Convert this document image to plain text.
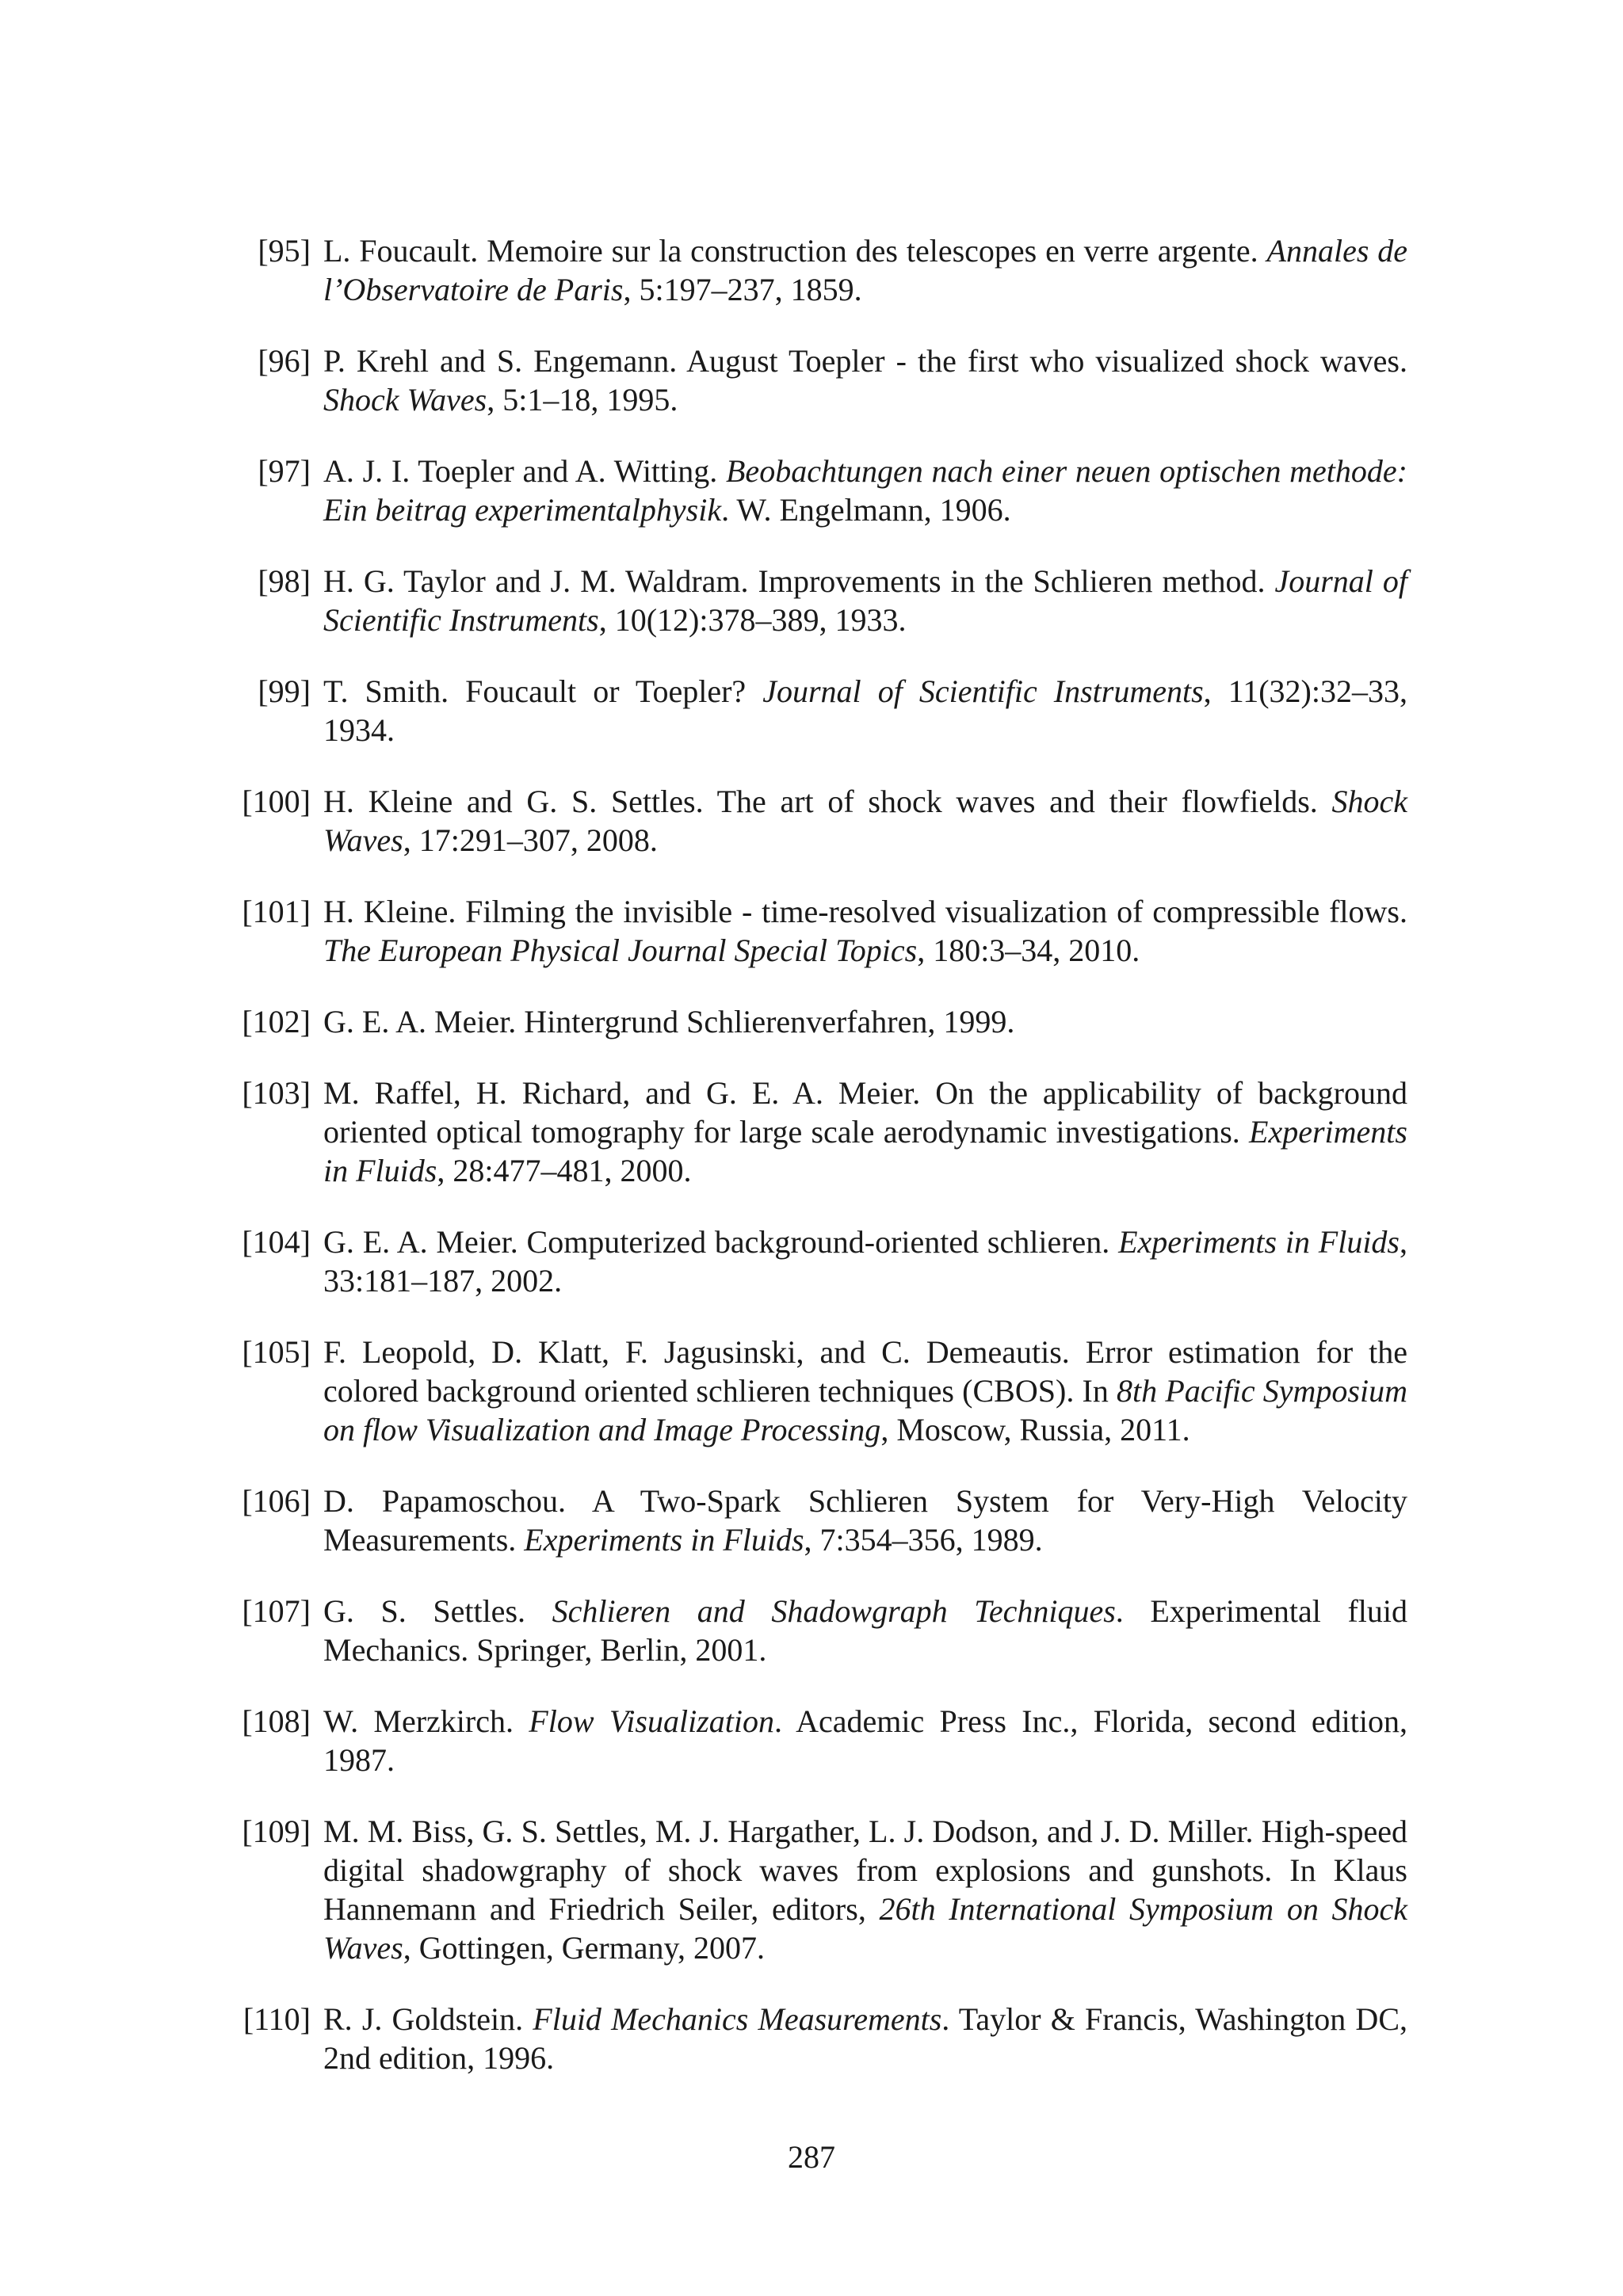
[95] L. Foucault. Memoire sur la construction des telescopes en verre argente. Annales de l’Observatoire de Paris, 5:197–237, 1859.
[96] P. Krehl and S. Engemann. August Toepler - the first who visualized shock waves. Shock Waves, 5:1–18, 1995.
[97] A. J. I. Toepler and A. Witting. Beobachtungen nach einer neuen optischen methode: Ein beitrag experimentalphysik. W. Engelmann, 1906.
[98] H. G. Taylor and J. M. Waldram. Improvements in the Schlieren method. Journal of Scientific Instruments, 10(12):378–389, 1933.
[99] T. Smith. Foucault or Toepler? Journal of Scientific Instruments, 11(32):32–33, 1934.
[100] H. Kleine and G. S. Settles. The art of shock waves and their flowfields. Shock Waves, 17:291–307, 2008.
[101] H. Kleine. Filming the invisible - time-resolved visualization of compressible flows. The European Physical Journal Special Topics, 180:3–34, 2010.
[102] G. E. A. Meier. Hintergrund Schlierenverfahren, 1999.
[103] M. Raffel, H. Richard, and G. E. A. Meier. On the applicability of background oriented optical tomography for large scale aerodynamic investigations. Experiments in Fluids, 28:477–481, 2000.
[104] G. E. A. Meier. Computerized background-oriented schlieren. Experiments in Fluids, 33:181–187, 2002.
[105] F. Leopold, D. Klatt, F. Jagusinski, and C. Demeautis. Error estimation for the colored background oriented schlieren techniques (CBOS). In 8th Pacific Symposium on flow Visualization and Image Processing, Moscow, Russia, 2011.
[106] D. Papamoschou. A Two-Spark Schlieren System for Very-High Velocity Measurements. Experiments in Fluids, 7:354–356, 1989.
[107] G. S. Settles. Schlieren and Shadowgraph Techniques. Experimental fluid Mechanics. Springer, Berlin, 2001.
[108] W. Merzkirch. Flow Visualization. Academic Press Inc., Florida, second edition, 1987.
[109] M. M. Biss, G. S. Settles, M. J. Hargather, L. J. Dodson, and J. D. Miller. High-speed digital shadowgraphy of shock waves from explosions and gunshots. In Klaus Hannemann and Friedrich Seiler, editors, 26th International Symposium on Shock Waves, Gottingen, Germany, 2007.
[110] R. J. Goldstein. Fluid Mechanics Measurements. Taylor & Francis, Washington DC, 2nd edition, 1996.
287
